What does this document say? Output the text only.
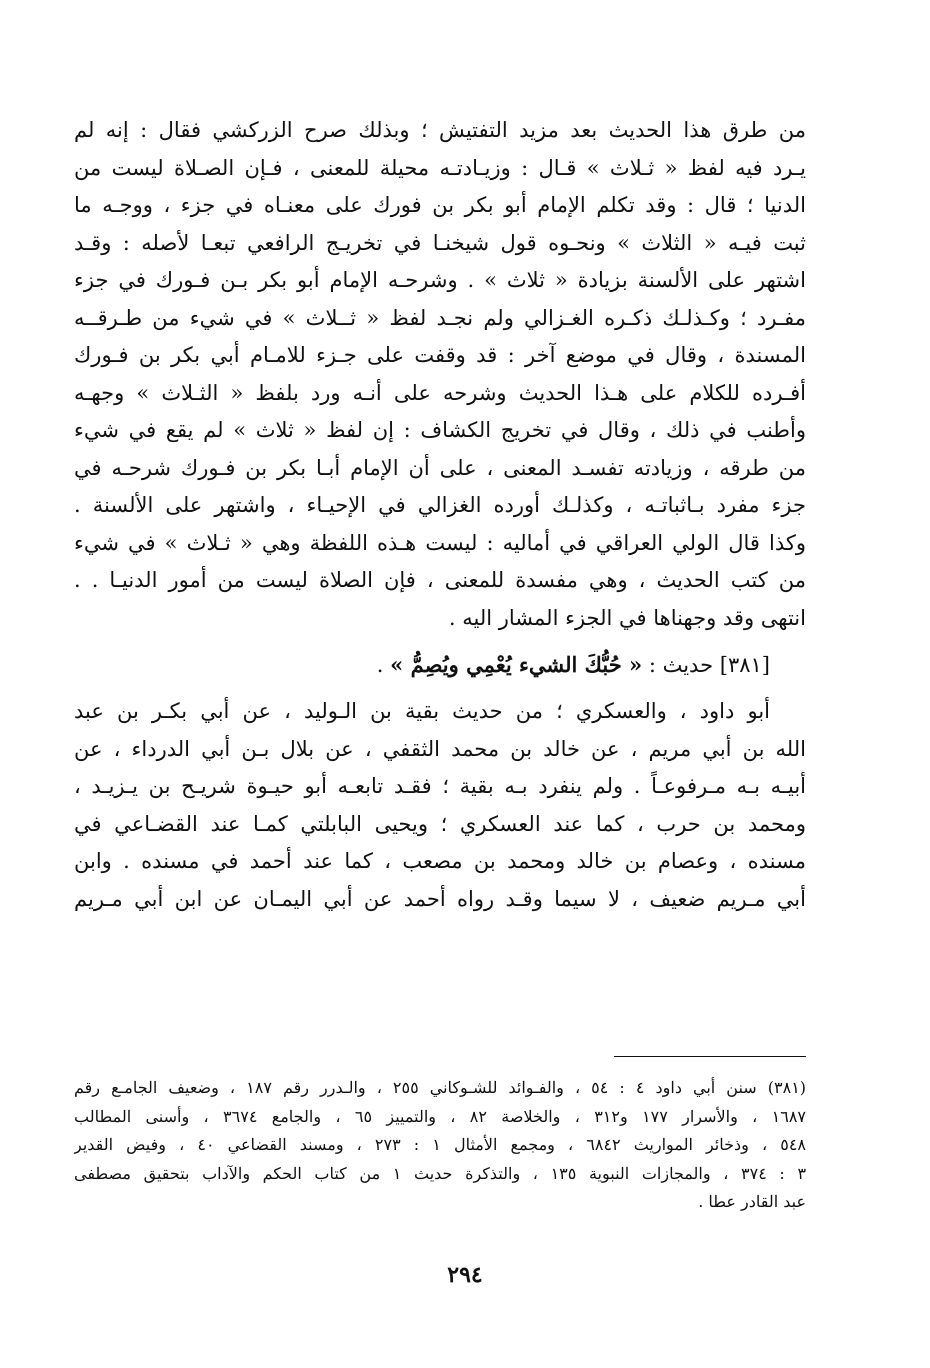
من طرق هذا الحديث بعد مزيد التفتيش ؛ وبذلك صرح الزركشي فقال : إنه لم
يـرد فيه لفظ « ثـلاث » قـال : وزيـادتـه محيلة للمعنى ، فـإن الصـلاة ليست من
الدنيا ؛ قال : وقد تكلم الإمام أبو بكر بن فورك على معنـاه في جزء ، ووجـه ما
ثبت فيـه « الثلاث » ونحـوه قول شيخنـا في تخريـج الرافعي تبعـا لأصله : وقـد
اشتهر على الألسنة بزيادة « ثلاث » . وشرحـه الإمام أبو بكر بـن فـورك في جزء
مفـرد ؛ وكـذلـك ذكـره الغـزالي ولم نجـد لفظ « ثــلاث » في شيء من طـرقــه
المسندة ، وقال في موضع آخر : قد وقفت على جـزء للامـام أبي بكر بن فـورك
أفـرده للكلام على هـذا الحديث وشرحه على أنـه ورد بلفظ « الثـلاث » وجهـه
وأطنب في ذلك ، وقال في تخريج الكشاف : إن لفظ « ثلاث » لم يقع في شيء
من طرقه ، وزيادته تفسـد المعنى ، على أن الإمام أبـا بكر بن فـورك شرحـه في
جزء مفرد بـاثباتـه ، وكذلـك أورده الغزالي في الإحيـاء ، واشتهر على الألسنة .
وكذا قال الولي العراقي في أماليه : ليست هـذه اللفظة وهي « ثـلاث » في شيء
من كتب الحديث ، وهي مفسدة للمعنى ، فإن الصلاة ليست من أمور الدنيـا . .
انتهى وقد وجهناها في الجزء المشار اليه .
[٣٨١] حديث : « حُبُّكَ الشيء يُعْمِي ويُصِمُّ » .
أبو داود ، والعسكري ؛ من حديث بقية بن الـوليد ، عن أبي بكـر بن عبد
الله بن أبي مريم ، عن خالد بن محمد الثقفي ، عن بلال بـن أبي الدرداء ، عن
أبيـه بـه مـرفوعـاً . ولم ينفرد بـه بقية ؛ فقـد تابعـه أبو حيـوة شريـح بن يـزيـد ،
ومحمد بن حرب ، كما عند العسكري ؛ ويحيى البابلتي كمـا عند القضـاعي في
مسنده ، وعصام بن خالد ومحمد بن مصعب ، كما عند أحمد في مسنده . وابن
أبي مـريم ضعيف ، لا سيما وقـد رواه أحمد عن أبي اليمـان عن ابن أبي مـريم
(٣٨١) سنن أبي داود ٤ : ٥٤ ، والفـوائد للشـوكاني ٢٥٥ ، والـدرر رقم ١٨٧ ، وضعيف الجامـع رقم
١٦٨٧ ، والأسرار ١٧٧ و٣١٢ ، والخلاصة ٨٢ ، والتمييز ٦٥ ، والجامع ٣٦٧٤ ، وأسنى المطالب
٥٤٨ ، وذخائر المواريث ٦٨٤٢ ، ومجمع الأمثال ١ : ٢٧٣ ، ومسند القضاعي ٤٠ ، وفيض القدير
٣ : ٣٧٤ ، والمجازات النبوية ١٣٥ ، والتذكرة حديث ١ من كتاب الحكم والآداب بتحقيق مصطفى
عبد القادر عطا .
٢٩٤
